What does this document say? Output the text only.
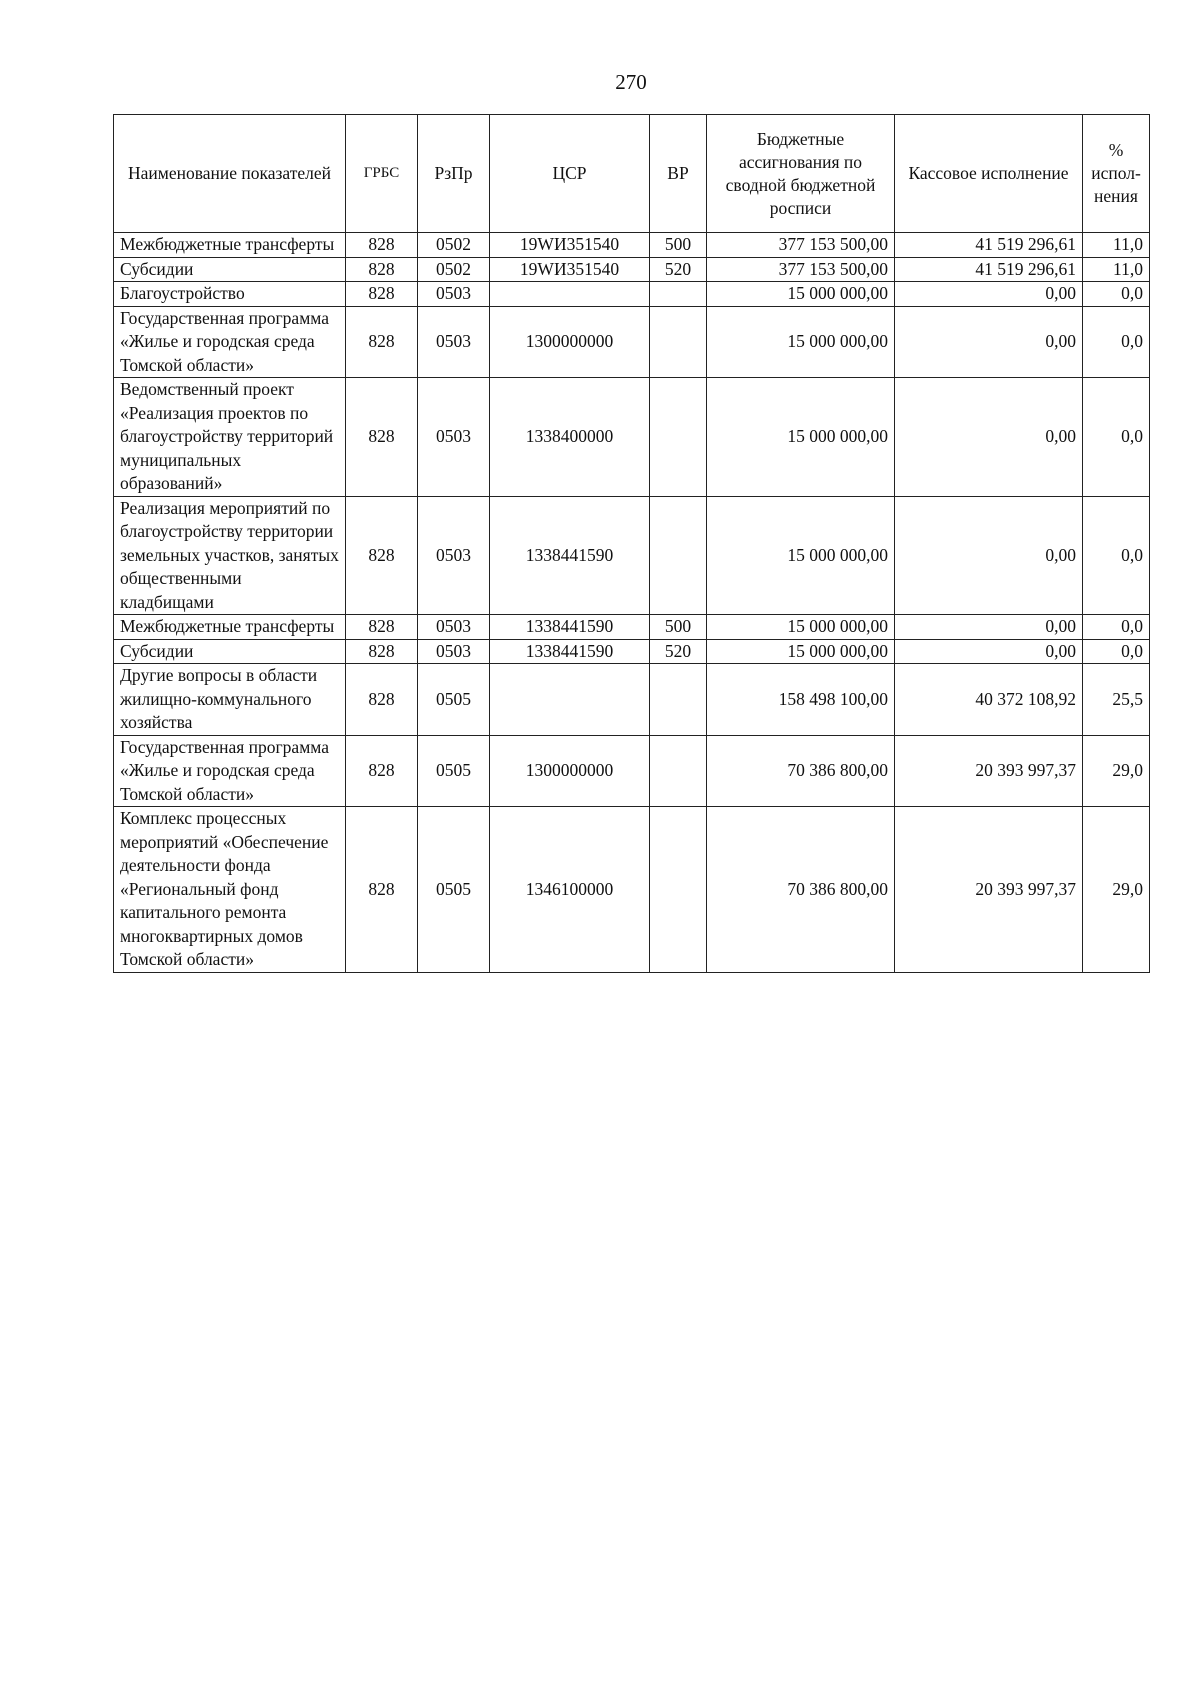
270
Наименование показателей	ГРБС	РзПр	ЦСР	ВР	Бюджетные ассигнования по сводной бюджетной росписи	Кассовое исполнение	% испол-нения
Межбюджетные трансферты	828	0502	19WИ351540	500	377 153 500,00	41 519 296,61	11,0
Субсидии	828	0502	19WИ351540	520	377 153 500,00	41 519 296,61	11,0
Благоустройство	828	0503			15 000 000,00	0,00	0,0
Государственная программа «Жилье и городская среда Томской области»	828	0503	1300000000		15 000 000,00	0,00	0,0
Ведомственный проект «Реализация проектов по благоустройству территорий муниципальных образований»	828	0503	1338400000		15 000 000,00	0,00	0,0
Реализация мероприятий по благоустройству территории земельных участков, занятых общественными кладбищами	828	0503	1338441590		15 000 000,00	0,00	0,0
Межбюджетные трансферты	828	0503	1338441590	500	15 000 000,00	0,00	0,0
Субсидии	828	0503	1338441590	520	15 000 000,00	0,00	0,0
Другие вопросы в области жилищно-коммунального хозяйства	828	0505			158 498 100,00	40 372 108,92	25,5
Государственная программа «Жилье и городская среда Томской области»	828	0505	1300000000		70 386 800,00	20 393 997,37	29,0
Комплекс процессных мероприятий «Обеспечение деятельности фонда «Региональный фонд капитального ремонта многоквартирных домов Томской области»	828	0505	1346100000		70 386 800,00	20 393 997,37	29,0
